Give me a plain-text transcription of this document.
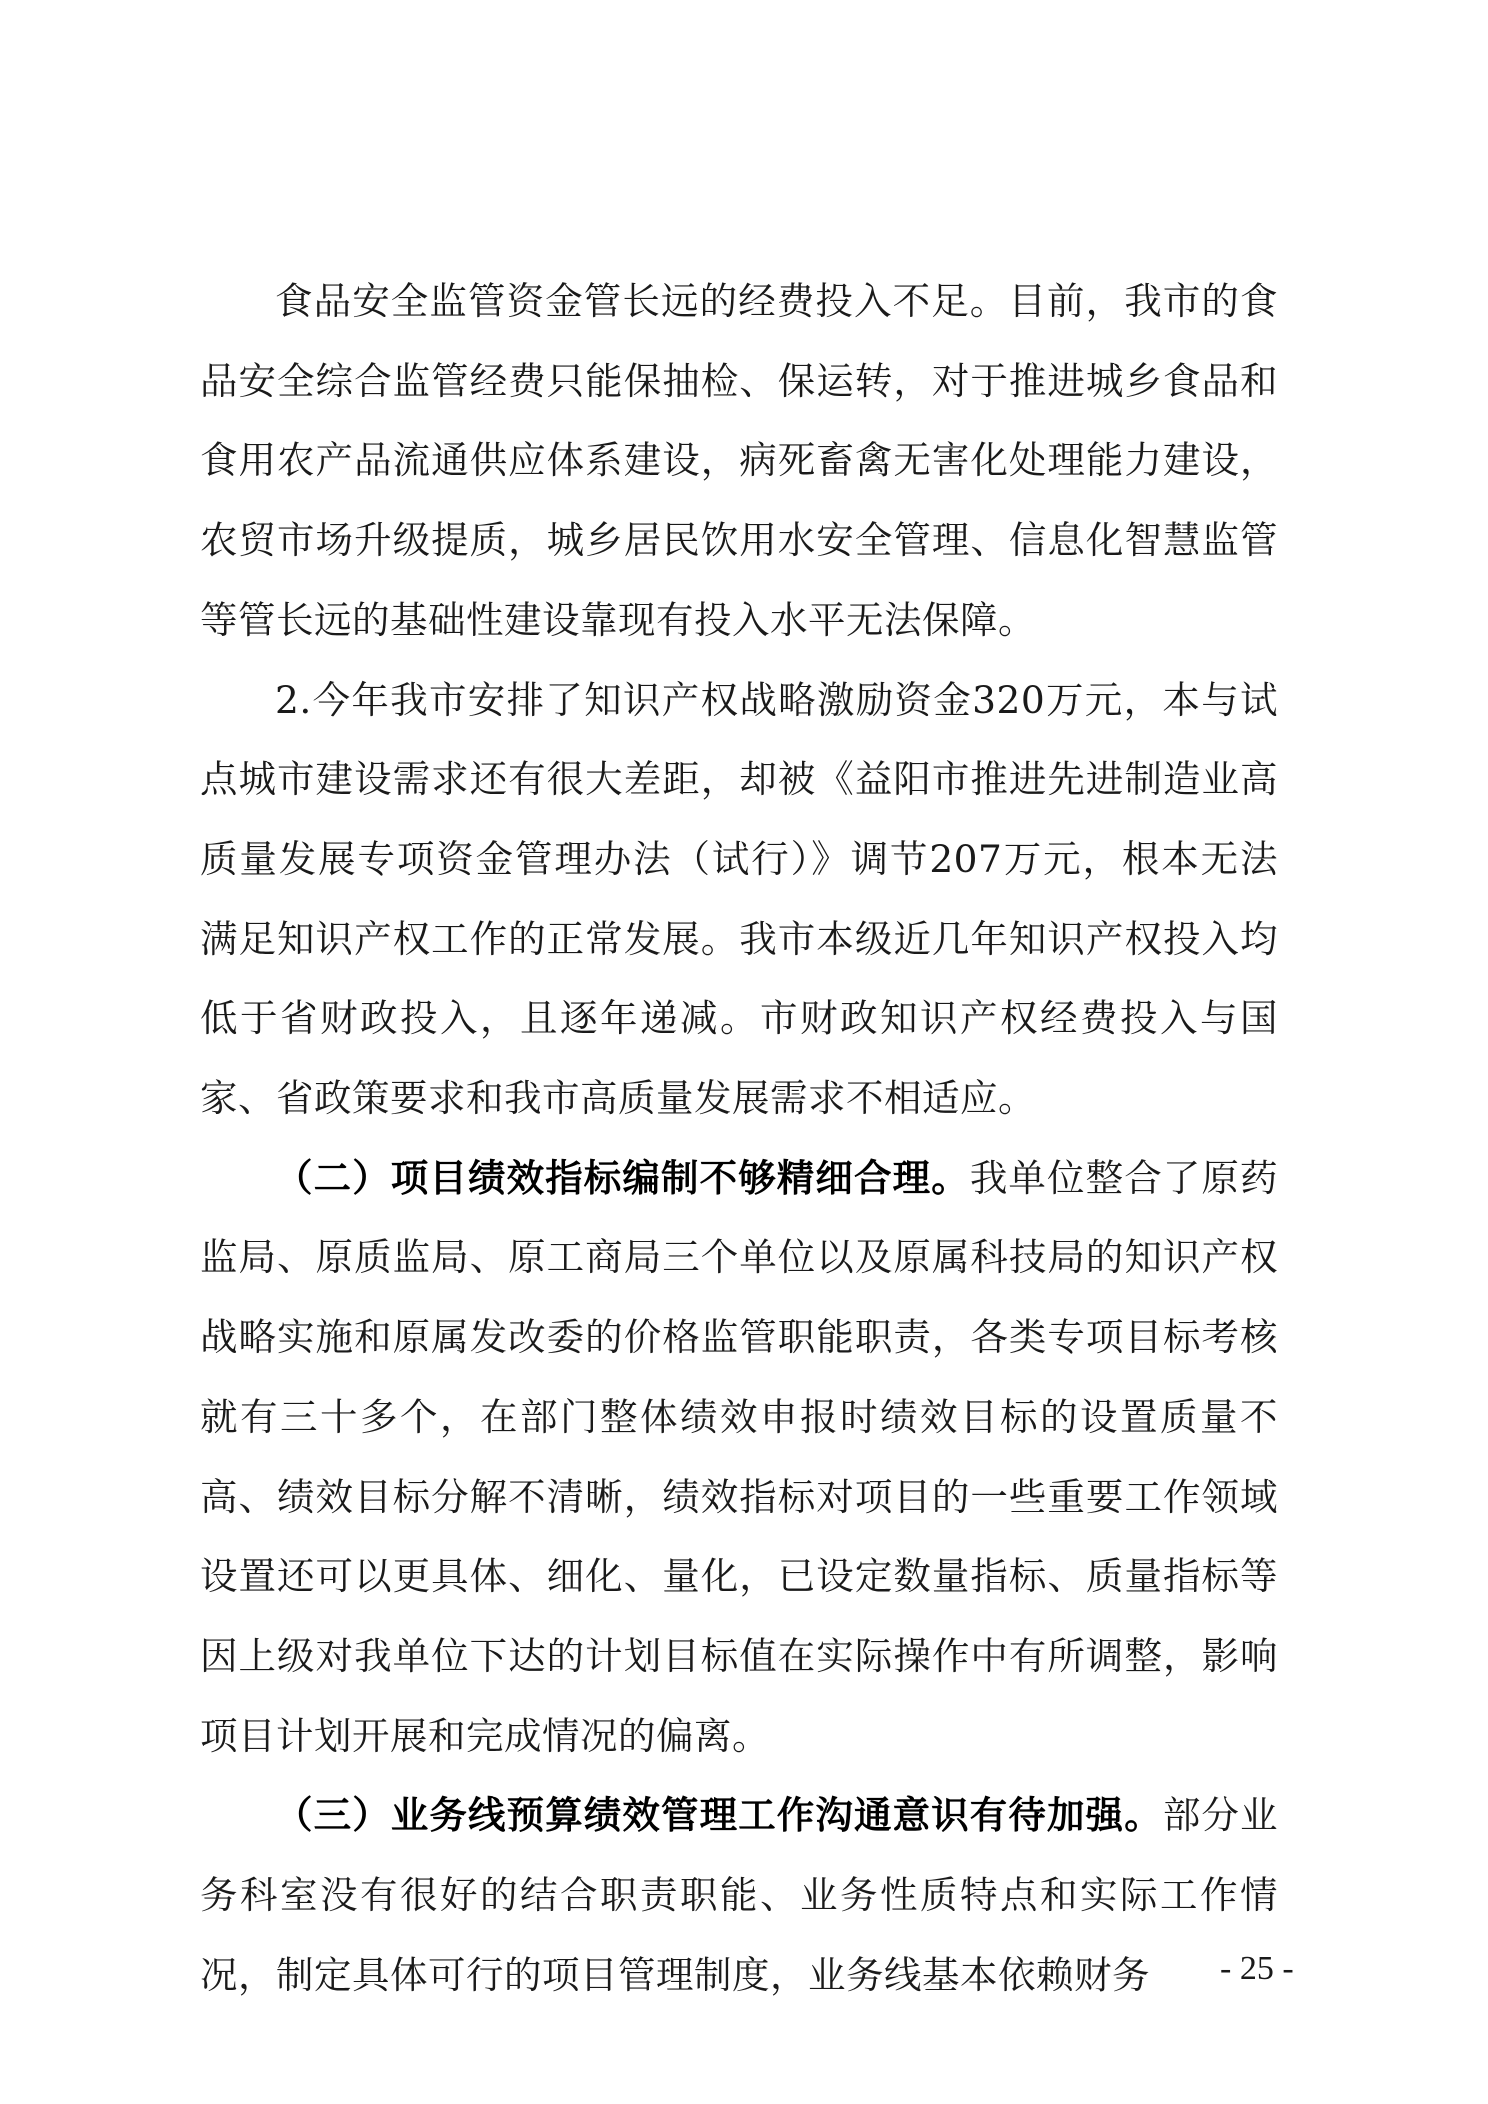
食品安全监管资金管长远的经费投入不足。目前，我市的食品安全综合监管经费只能保抽检、保运转，对于推进城乡食品和食用农产品流通供应体系建设，病死畜禽无害化处理能力建设，农贸市场升级提质，城乡居民饮用水安全管理、信息化智慧监管等管长远的基础性建设靠现有投入水平无法保障。

2.今年我市安排了知识产权战略激励资金320万元，本与试点城市建设需求还有很大差距，却被《益阳市推进先进制造业高质量发展专项资金管理办法（试行）》调节207万元，根本无法满足知识产权工作的正常发展。我市本级近几年知识产权投入均低于省财政投入，且逐年递减。市财政知识产权经费投入与国家、省政策要求和我市高质量发展需求不相适应。

（二）项目绩效指标编制不够精细合理。我单位整合了原药监局、原质监局、原工商局三个单位以及原属科技局的知识产权战略实施和原属发改委的价格监管职能职责，各类专项目标考核就有三十多个，在部门整体绩效申报时绩效目标的设置质量不高、绩效目标分解不清晰，绩效指标对项目的一些重要工作领域设置还可以更具体、细化、量化，已设定数量指标、质量指标等因上级对我单位下达的计划目标值在实际操作中有所调整，影响项目计划开展和完成情况的偏离。

（三）业务线预算绩效管理工作沟通意识有待加强。部分业务科室没有很好的结合职责职能、业务性质特点和实际工作情况，制定具体可行的项目管理制度，业务线基本依赖财务	- 25 -
